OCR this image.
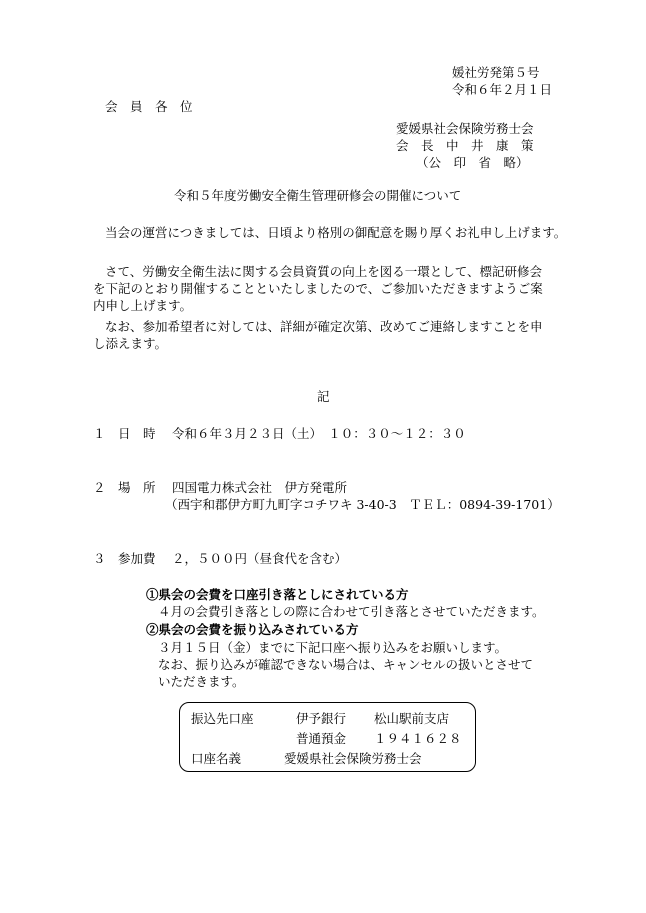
媛社労発第５号
令和６年２月１日
会　員　各　位
愛媛県社会保険労務士会
会　長　中　井　康　策
（公　印　省　略）
令和５年度労働安全衛生管理研修会の開催について
当会の運営につきましては、日頃より格別の御配意を賜り厚くお礼申し上げます。
さて、労働安全衛生法に関する会員資質の向上を図る一環として、標記研修会
を下記のとおり開催することといたしましたので、ご参加いただきますようご案
内申し上げます。
なお、参加希望者に対しては、詳細が確定次第、改めてご連絡しますことを申
し添えます。
記
１　日　時 令和６年３月２３日（土）　１０：３０～１２：３０
２　場　所 四国電力株式会社　伊方発電所
（西宇和郡伊方町九町字コチワキ 3-40-3　ＴＥＬ：0894-39-1701）
３　参加費 ２，５００円（昼食代を含む）
①県会の会費を口座引き落としにされている方
４月の会費引き落としの際に合わせて引き落とさせていただきます。
②県会の会費を振り込みされている方
３月１５日（金）までに下記口座へ振り込みをお願いします。
なお、振り込みが確認できない場合は、キャンセルの扱いとさせて
いただきます。
振込先口座	伊予銀行 松山駅前支店
普通預金 １９４１６２８
口座名義	愛媛県社会保険労務士会
